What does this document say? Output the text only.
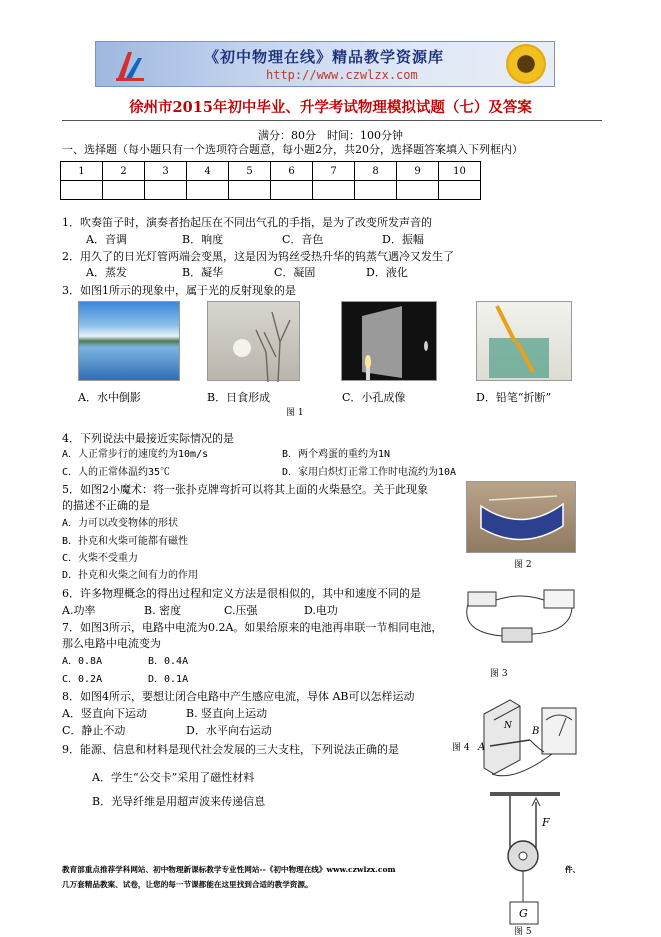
《初中物理在线》精品教学资源库
http://www.czwlzx.com
徐州市2015年初中毕业、升学考试物理模拟试题（七）及答案
满分：80分　时间：100分钟
一、选择题（每小题只有一个选项符合题意，每小题2分，共20分，选择题答案填入下列框内）
1	2	3	4	5	6	7	8	9	10

1．吹奏笛子时，演奏者抬起压在不同出气孔的手指，是为了改变所发声音的
A．音调	B．响度	C．音色	D．振幅
2．用久了的日光灯管两端会变黑，这是因为钨丝受热升华的钨蒸气遇冷又发生了
A．蒸发	B．凝华	C．凝固	D．液化
3．如图1所示的现象中，属于光的反射现象的是
A．水中倒影	B．日食形成	C．小孔成像	D．铅笔“折断”
图 1
4．下列说法中最接近实际情况的是
A．人正常步行的速度约为10m/s	B．两个鸡蛋的重约为1N
C．人的正常体温约35℃	D．家用白炽灯正常工作时电流约为10A
5．如图2小魔术：将一张扑克牌弯折可以将其上面的火柴悬空。关于此现象
的描述不正确的是
A．力可以改变物体的形状
B．扑克和火柴可能都有磁性
C．火柴不受重力
D．扑克和火柴之间有力的作用
图 2
6．许多物理概念的得出过程和定义方法是很相似的，其中和速度不同的是
A.功率	B. 密度	C.压强	D.电功
图 3
7．如图3所示，电路中电流为0.2A。如果给原来的电池再串联一节相同电池，
那么电路中电流变为
A．0.8A	B．0.4A
C．0.2A	D．0.1A
8．如图4所示，要想让闭合电路中产生感应电流，导体 AB可以怎样运动
A．竖直向下运动	B. 竖直向上运动
C．静止不动	D．水平向右运动
图 4 A
B
N
9．能源、信息和材料是现代社会发展的三大支柱，下列说法正确的是
A．学生“公交卡”采用了磁性材料
B．光导纤维是用超声波来传递信息
F
G
图 5
教育部重点推荐学科网站、初中物理新课标教学专业性网站--《初中物理在线》www.czwlzx.com	件、
几万套精品教案、试卷，让您的每一节课都能在这里找到合适的教学资源。
